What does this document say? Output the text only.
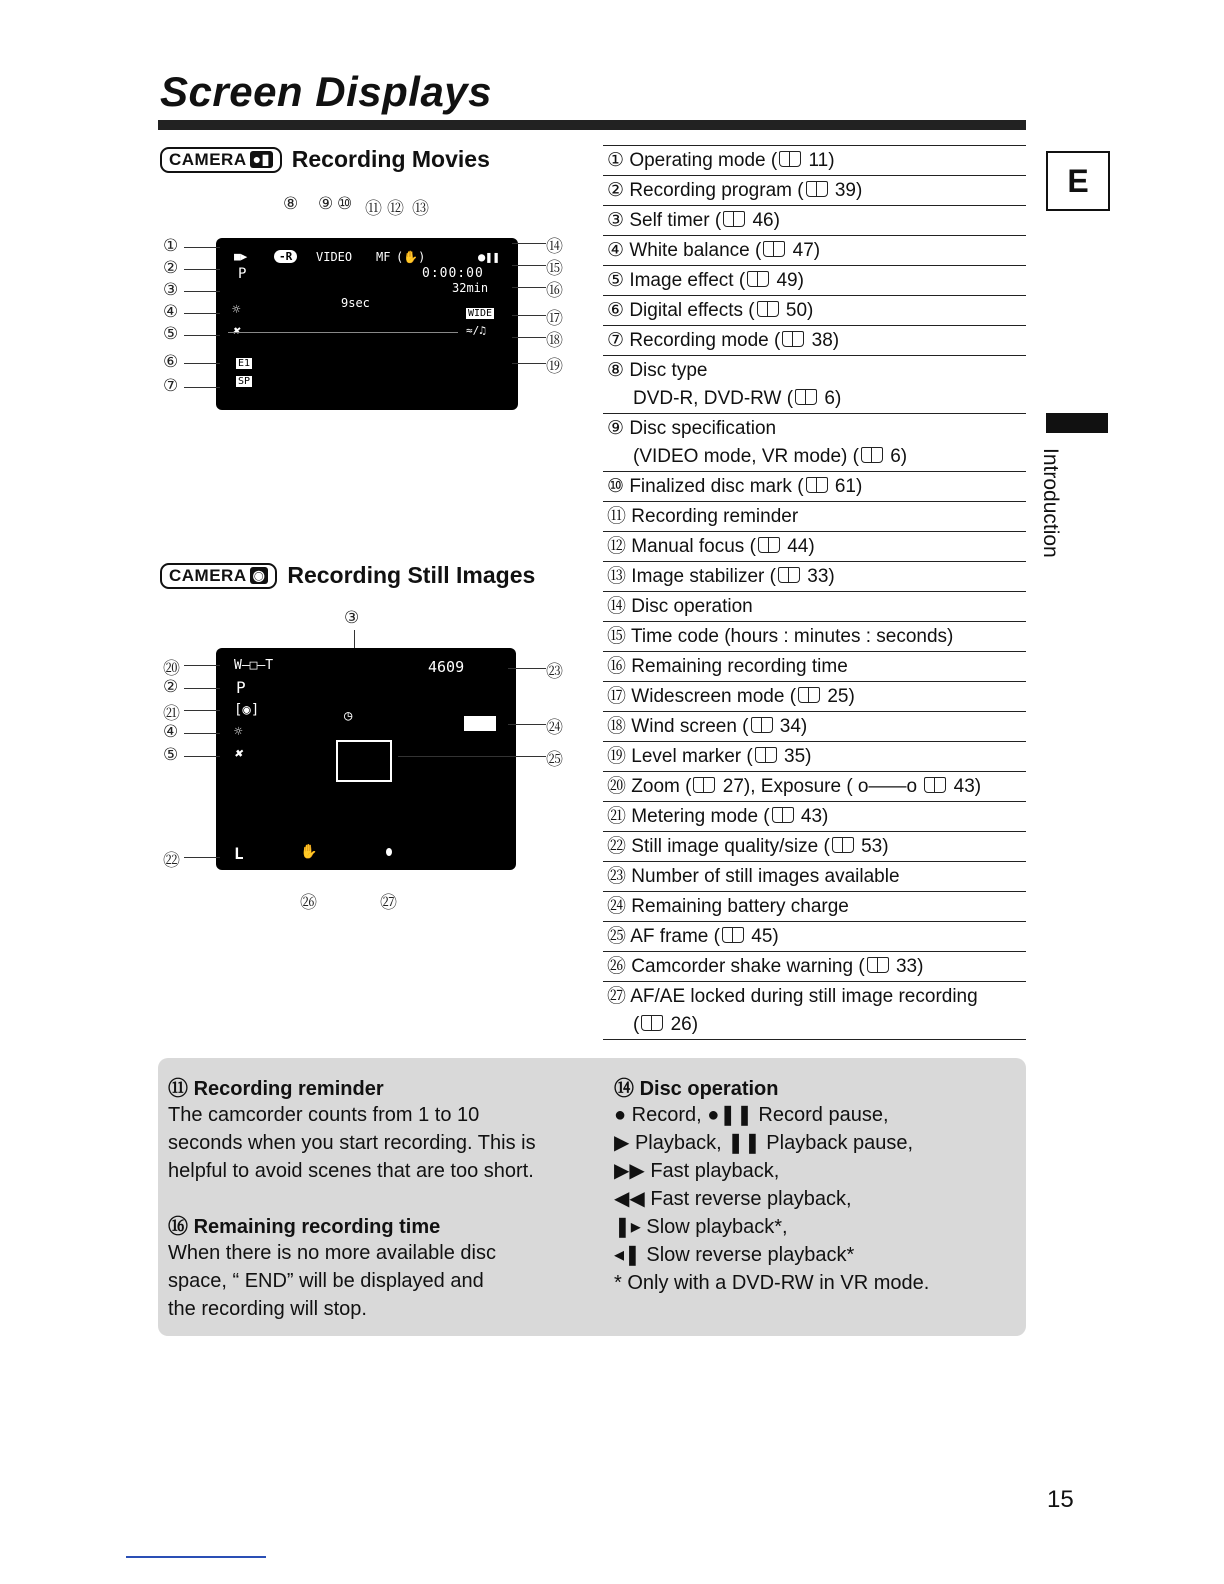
Screen Displays
CAMERA ●▮ Recording Movies
⑧ ⑨ ⑩ ⑪ ⑫ ⑬
■▶	-R	VIDEO MF (✋)	●❚❚
P	0:00:00
32min
9sec
☼	WIDE
≈/♫
E1
SP
①
②
③
④
⑤
⑥
⑦
⑭
⑮
⑯
⑰
⑱
⑲
CAMERA ◉ Recording Still Images
③
W—□—T	4609
P
[◉]	◷
☼
✖
L	✋
⑳
②
㉑
④
⑤
㉒
㉓
㉔
㉕
㉖	㉗
① Operating mode ( 11)
② Recording program ( 39)
③ Self timer ( 46)
④ White balance ( 47)
⑤ Image effect ( 49)
⑥ Digital effects ( 50)
⑦ Recording mode ( 38)
⑧ Disc type
DVD-R, DVD-RW ( 6)
⑨ Disc specification
(VIDEO mode, VR mode) ( 6)
⑩ Finalized disc mark ( 61)
⑪ Recording reminder
⑫ Manual focus ( 44)
⑬ Image stabilizer ( 33)
⑭ Disc operation
⑮ Time code (hours : minutes : seconds)
⑯ Remaining recording time
⑰ Widescreen mode ( 25)
⑱ Wind screen ( 34)
⑲ Level marker ( 35)
⑳ Zoom ( 27), Exposure ( o——o  43)
㉑ Metering mode ( 43)
㉒ Still image quality/size ( 53)
㉓ Number of still images available
㉔ Remaining battery charge
㉕ AF frame ( 45)
㉖ Camcorder shake warning ( 33)
㉗ AF/AE locked during still image recording
( 26)
E
Introduction
⑪ Recording reminder
The camcorder counts from 1 to 10
seconds when you start recording. This is
helpful to avoid scenes that are too short.
⑯ Remaining recording time
When there is no more available disc
space, “ END” will be displayed and
the recording will stop.
⑭ Disc operation
● Record, ●❚❚ Record pause,
▶ Playback, ❚❚ Playback pause,
▶▶ Fast playback,
◀◀ Fast reverse playback,
❚▸ Slow playback*,
◂❚ Slow reverse playback*
* Only with a DVD-RW in VR mode.
15
